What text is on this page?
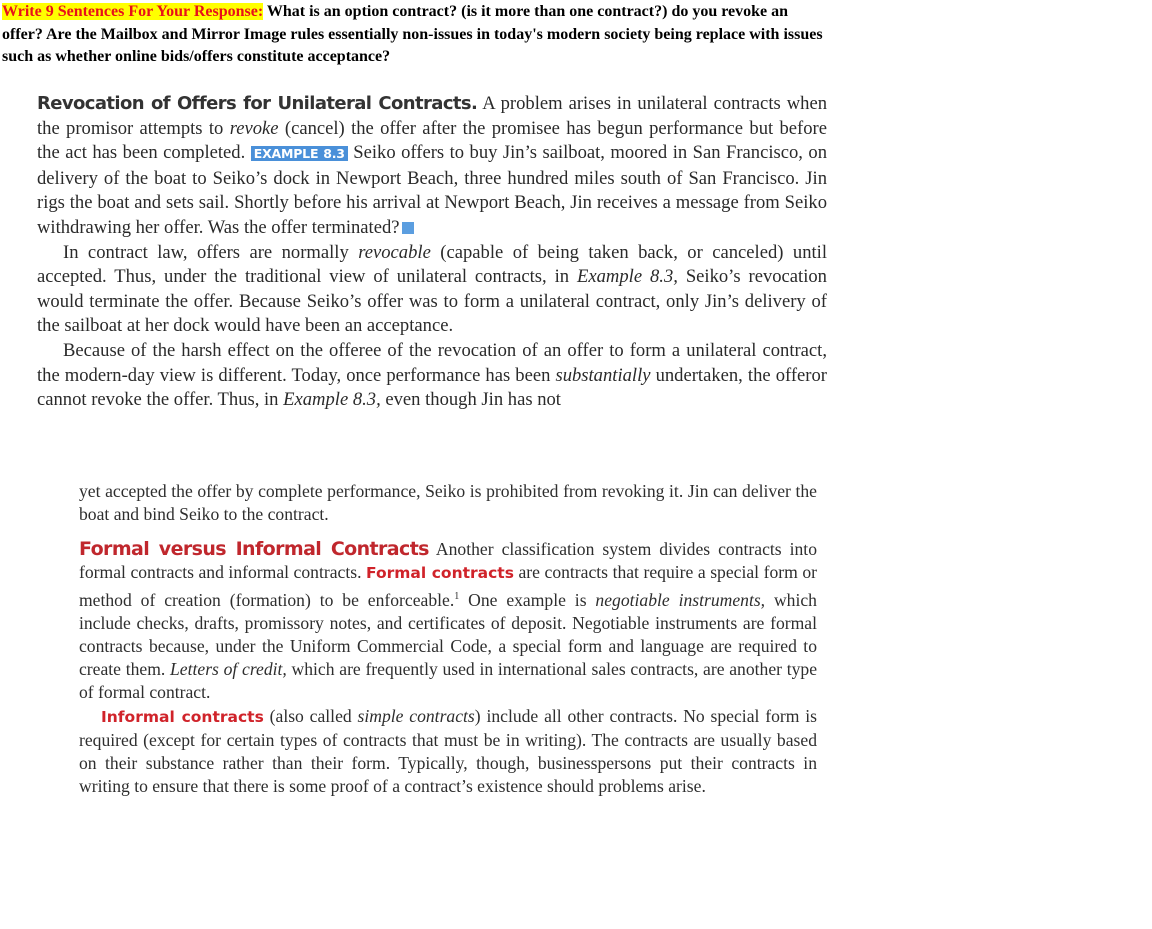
Write 9 Sentences For Your Response: What is an option contract? (is it more than one contract?) do you revoke an offer? Are the Mailbox and Mirror Image rules essentially non-issues in today's modern society being replace with issues such as whether online bids/offers constitute acceptance?

Revocation of Offers for Unilateral Contracts. A problem arises in unilateral contracts when the promisor attempts to revoke (cancel) the offer after the promisee has begun performance but before the act has been completed. EXAMPLE 8.3 Seiko offers to buy Jin’s sailboat, moored in San Francisco, on delivery of the boat to Seiko’s dock in Newport Beach, three hundred miles south of San Francisco. Jin rigs the boat and sets sail. Shortly before his arrival at Newport Beach, Jin receives a message from Seiko withdrawing her offer. Was the offer terminated?

In contract law, offers are normally revocable (capable of being taken back, or canceled) until accepted. Thus, under the traditional view of unilateral contracts, in Example 8.3, Seiko’s revocation would terminate the offer. Because Seiko’s offer was to form a unilateral contract, only Jin’s delivery of the sailboat at her dock would have been an acceptance.

Because of the harsh effect on the offeree of the revocation of an offer to form a unilateral contract, the modern-day view is different. Today, once performance has been substantially undertaken, the offeror cannot revoke the offer. Thus, in Example 8.3, even though Jin has not

yet accepted the offer by complete performance, Seiko is prohibited from revoking it. Jin can deliver the boat and bind Seiko to the contract.

Formal versus Informal Contracts Another classification system divides contracts into formal contracts and informal contracts. Formal contracts are contracts that require a special form or method of creation (formation) to be enforceable.$^1$ One example is negotiable instruments, which include checks, drafts, promissory notes, and certificates of deposit. Negotiable instruments are formal contracts because, under the Uniform Commercial Code, a special form and language are required to create them. Letters of credit, which are frequently used in international sales contracts, are another type of formal contract.

Informal contracts (also called simple contracts) include all other contracts. No special form is required (except for certain types of contracts that must be in writing). The contracts are usually based on their substance rather than their form. Typically, though, businesspersons put their contracts in writing to ensure that there is some proof of a contract’s existence should problems arise.
